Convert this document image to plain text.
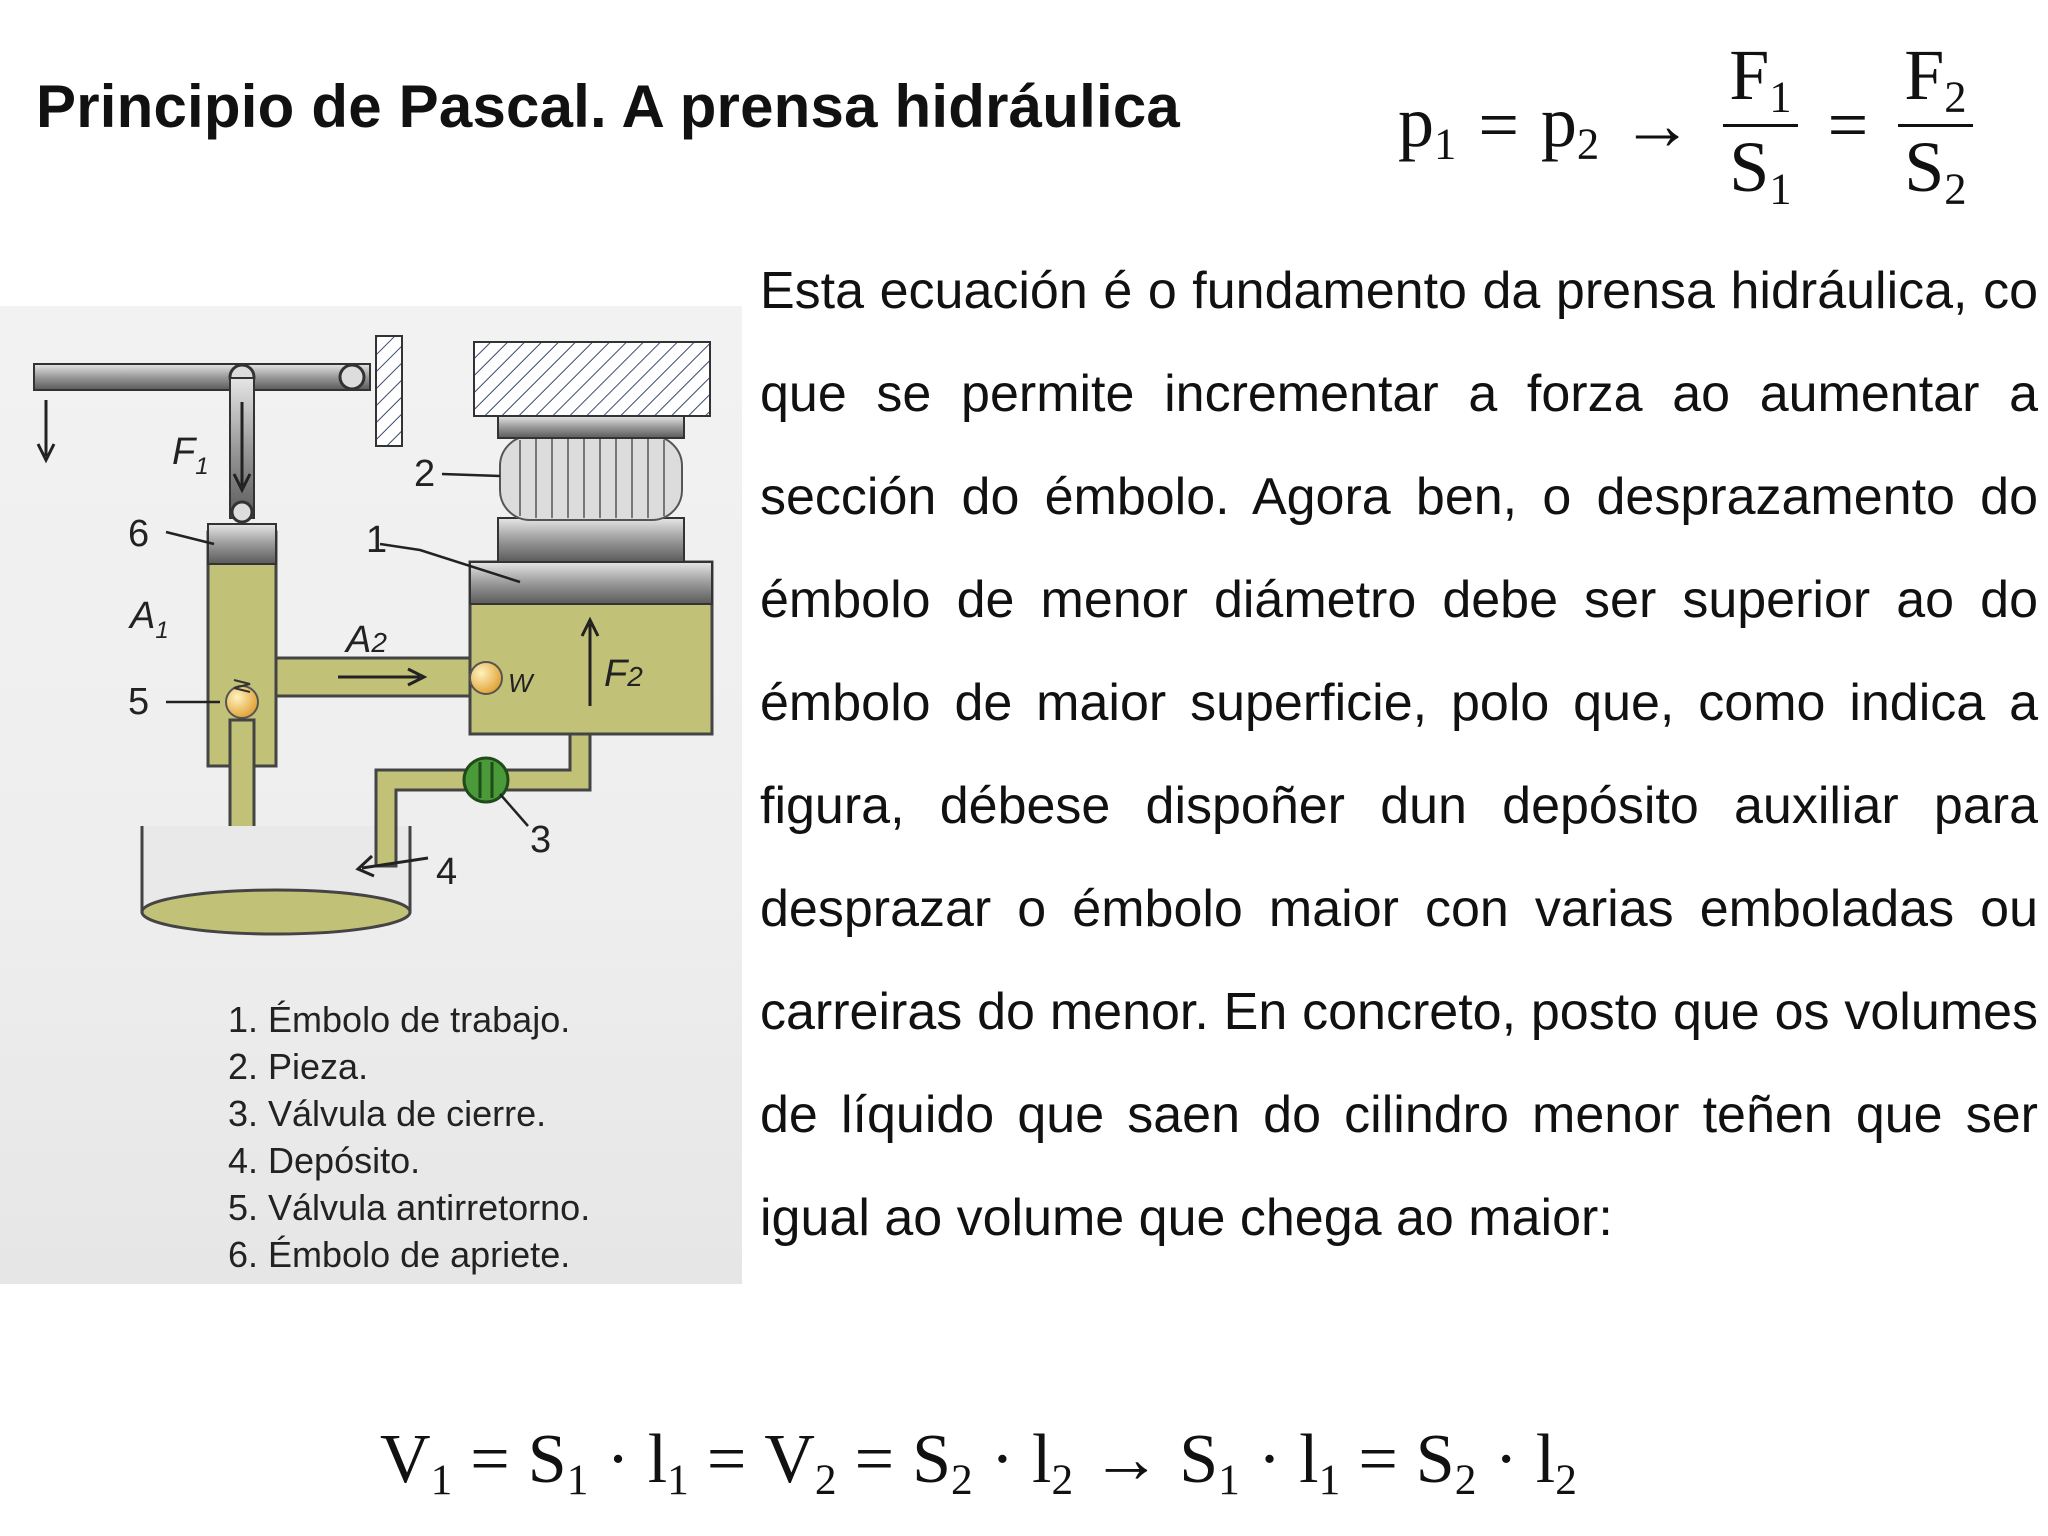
Principio de Pascal. A prensa hidráulica	$p_1 = p_2 \to \frac{F_1}{S_1} = \frac{F_2}{S_2}$

Esta ecuación é o fundamento da prensa hidráulica, co que se permite incrementar a forza ao aumentar a sección do émbolo. Agora ben, o desprazamento do émbolo de menor diámetro debe ser superior ao do émbolo de maior superficie, polo que, como indica a figura, débese dispoñer dun depósito auxiliar para desprazar o émbolo maior con varias emboladas ou carreiras do menor. En concreto, posto que os volumes de líquido que saen do cilindro menor teñen que ser igual ao volume que chega ao maior:

$F_1$
6
$A_1$	A2
5
2
1
W F2
3
4
1. Émbolo de trabajo.
2. Pieza.
3. Válvula de cierre.
4. Depósito.
5. Válvula antirretorno.
6. Émbolo de apriete.
$V_1 = S_1 \cdot l_1 = V_2 = S_2 \cdot l_2 \to S_1 \cdot l_1 = S_2 \cdot l_2$
